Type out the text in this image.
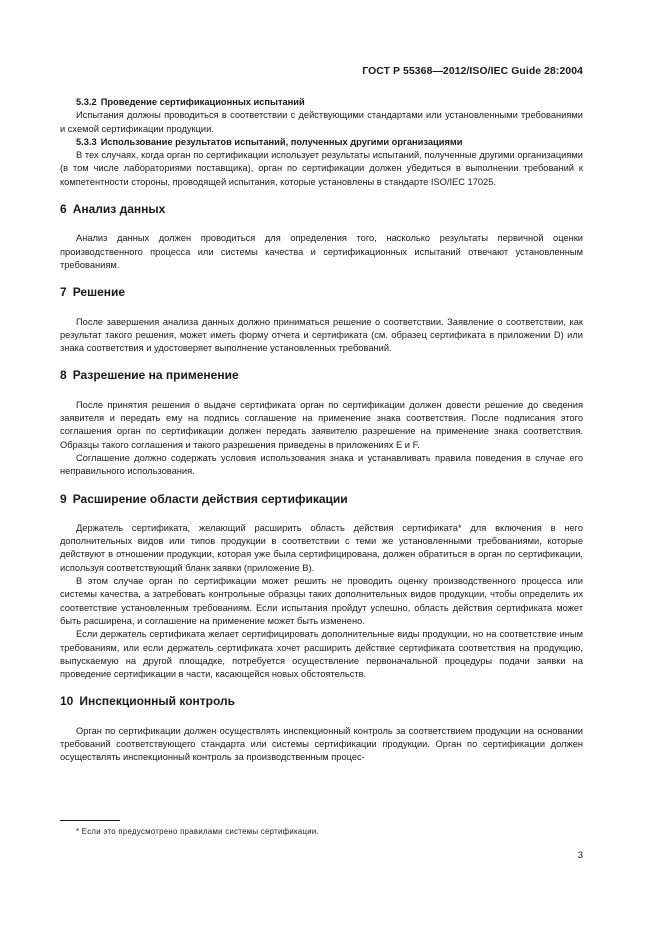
ГОСТ Р 55368—2012/ISO/IEC Guide 28:2004

5.3.2 Проведение сертификационных испытаний

Испытания должны проводиться в соответствии с действующими стандартами или установленными требованиями и схемой сертификации продукции.

5.3.3 Использование результатов испытаний, полученных другими организациями

В тех случаях, когда орган по сертификации использует результаты испытаний, полученные другими организациями (в том числе лабораториями поставщика), орган по сертификации должен убедиться в выполнении требований к компетентности стороны, проводящей испытания, которые установлены в стандарте ISO/IEC 17025.

6 Анализ данных

Анализ данных должен проводиться для определения того, насколько результаты первичной оценки производственного процесса или системы качества и сертификационных испытаний отвечают установленным требованиям.

7 Решение

После завершения анализа данных должно приниматься решение о соответствии. Заявление о соответствии, как результат такого решения, может иметь форму отчета и сертификата (см. образец сертификата в приложении D) или знака соответствия и удостоверяет выполнение установленных требований.

8 Разрешение на применение

После принятия решения о выдаче сертификата орган по сертификации должен довести решение до сведения заявителя и передать ему на подпись соглашение на применение знака соответствия. После подписания этого соглашения орган по сертификации должен передать заявителю разрешение на применение знака соответствия. Образцы такого соглашения и такого разрешения приведены в приложениях Е и F.

Соглашение должно содержать условия использования знака и устанавливать правила поведения в случае его неправильного использования.

9 Расширение области действия сертификации

Держатель сертификата, желающий расширить область действия сертификата* для включения в него дополнительных видов или типов продукции в соответствии с теми же установленными требованиями, которые действуют в отношении продукции, которая уже была сертифицирована, должен обратиться в орган по сертификации, используя соответствующий бланк заявки (приложение В).

В этом случае орган по сертификации может решить не проводить оценку производственного процесса или системы качества, а затребовать контрольные образцы таких дополнительных видов продукции, чтобы определить их соответствие установленным требованиям. Если испытания пройдут успешно, область действия сертификата может быть расширена, и соглашение на применение может быть изменено.

Если держатель сертификата желает сертифицировать дополнительные виды продукции, но на соответствие иным требованиям, или если держатель сертификата хочет расширить действие сертификата соответствия на продукцию, выпускаемую на другой площадке, потребуется осуществление первоначальной процедуры подачи заявки на проведение сертификации в части, касающейся новых обстоятельств.

10 Инспекционный контроль

Орган по сертификации должен осуществлять инспекционный контроль за соответствием продукции на основании требований соответствующего стандарта или системы сертификации продукции. Орган по сертификации должен осуществлять инспекционный контроль за производственным процес-

* Если это предусмотрено правилами системы сертификации.
3
